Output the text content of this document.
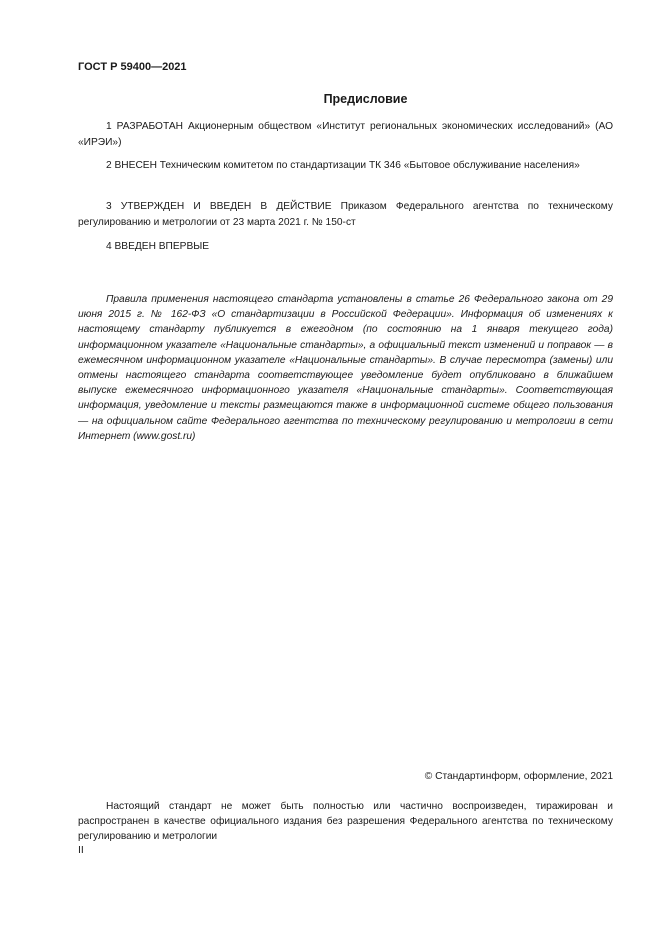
ГОСТ Р 59400—2021
Предисловие
1 РАЗРАБОТАН Акционерным обществом «Институт региональных экономических исследований» (АО «ИРЭИ»)
2 ВНЕСЕН Техническим комитетом по стандартизации ТК 346 «Бытовое обслуживание населения»
3 УТВЕРЖДЕН И ВВЕДЕН В ДЕЙСТВИЕ Приказом Федерального агентства по техническому регулированию и метрологии от 23 марта 2021 г. № 150-ст
4 ВВЕДЕН ВПЕРВЫЕ
Правила применения настоящего стандарта установлены в статье 26 Федерального закона от 29 июня 2015 г. № 162-ФЗ «О стандартизации в Российской Федерации». Информация об изменениях к настоящему стандарту публикуется в ежегодном (по состоянию на 1 января текущего года) информационном указателе «Национальные стандарты», а официальный текст изменений и поправок — в ежемесячном информационном указателе «Национальные стандарты». В случае пересмотра (замены) или отмены настоящего стандарта соответствующее уведомление будет опубликовано в ближайшем выпуске ежемесячного информационного указателя «Национальные стандарты». Соответствующая информация, уведомление и тексты размещаются также в информационной системе общего пользования — на официальном сайте Федерального агентства по техническому регулированию и метрологии в сети Интернет (www.gost.ru)
© Стандартинформ, оформление, 2021
Настоящий стандарт не может быть полностью или частично воспроизведен, тиражирован и распространен в качестве официального издания без разрешения Федерального агентства по техническому регулированию и метрологии
II
